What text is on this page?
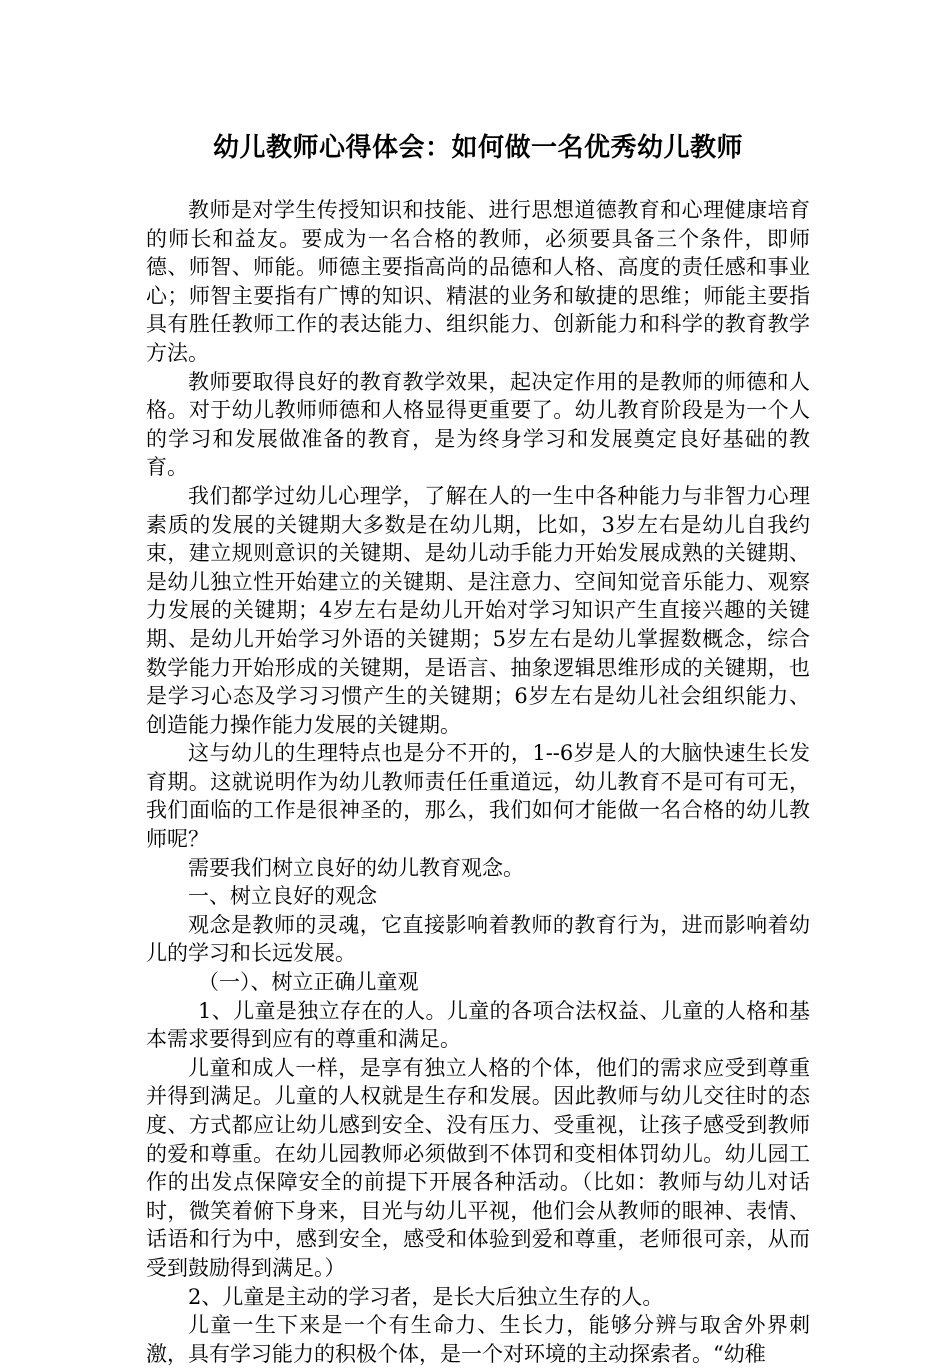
幼儿教师心得体会：如何做一名优秀幼儿教师

教师是对学生传授知识和技能、进行思想道德教育和心理健康培育的师长和益友。要成为一名合格的教师，必须要具备三个条件，即师德、师智、师能。师德主要指高尚的品德和人格、高度的责任感和事业心；师智主要指有广博的知识、精湛的业务和敏捷的思维；师能主要指具有胜任教师工作的表达能力、组织能力、创新能力和科学的教育教学方法。

教师要取得良好的教育教学效果，起决定作用的是教师的师德和人格。对于幼儿教师师德和人格显得更重要了。幼儿教育阶段是为一个人的学习和发展做准备的教育，是为终身学习和发展奠定良好基础的教育。

我们都学过幼儿心理学，了解在人的一生中各种能力与非智力心理素质的发展的关键期大多数是在幼儿期，比如，3岁左右是幼儿自我约束，建立规则意识的关键期、是幼儿动手能力开始发展成熟的关键期、是幼儿独立性开始建立的关键期、是注意力、空间知觉音乐能力、观察力发展的关键期；4岁左右是幼儿开始对学习知识产生直接兴趣的关键期、是幼儿开始学习外语的关键期；5岁左右是幼儿掌握数概念，综合数学能力开始形成的关键期，是语言、抽象逻辑思维形成的关键期，也是学习心态及学习习惯产生的关键期；6岁左右是幼儿社会组织能力、创造能力操作能力发展的关键期。

这与幼儿的生理特点也是分不开的，1--6岁是人的大脑快速生长发育期。这就说明作为幼儿教师责任任重道远，幼儿教育不是可有可无，我们面临的工作是很神圣的，那么，我们如何才能做一名合格的幼儿教师呢？

需要我们树立良好的幼儿教育观念。

一、树立良好的观念

观念是教师的灵魂，它直接影响着教师的教育行为，进而影响着幼儿的学习和长远发展。

（一）、树立正确儿童观

1、儿童是独立存在的人。儿童的各项合法权益、儿童的人格和基本需求要得到应有的尊重和满足。

儿童和成人一样，是享有独立人格的个体，他们的需求应受到尊重并得到满足。儿童的人权就是生存和发展。因此教师与幼儿交往时的态度、方式都应让幼儿感到安全、没有压力、受重视，让孩子感受到教师的爱和尊重。在幼儿园教师必须做到不体罚和变相体罚幼儿。幼儿园工作的出发点保障安全的前提下开展各种活动。（比如：教师与幼儿对话时，微笑着俯下身来，目光与幼儿平视，他们会从教师的眼神、表情、话语和行为中，感到安全，感受和体验到爱和尊重，老师很可亲，从而受到鼓励得到满足。）

2、儿童是主动的学习者，是长大后独立生存的人。

儿童一生下来是一个有生命力、生长力，能够分辨与取舍外界刺激，具有学习能力的积极个体，是一个对环境的主动探索者。“幼稚
